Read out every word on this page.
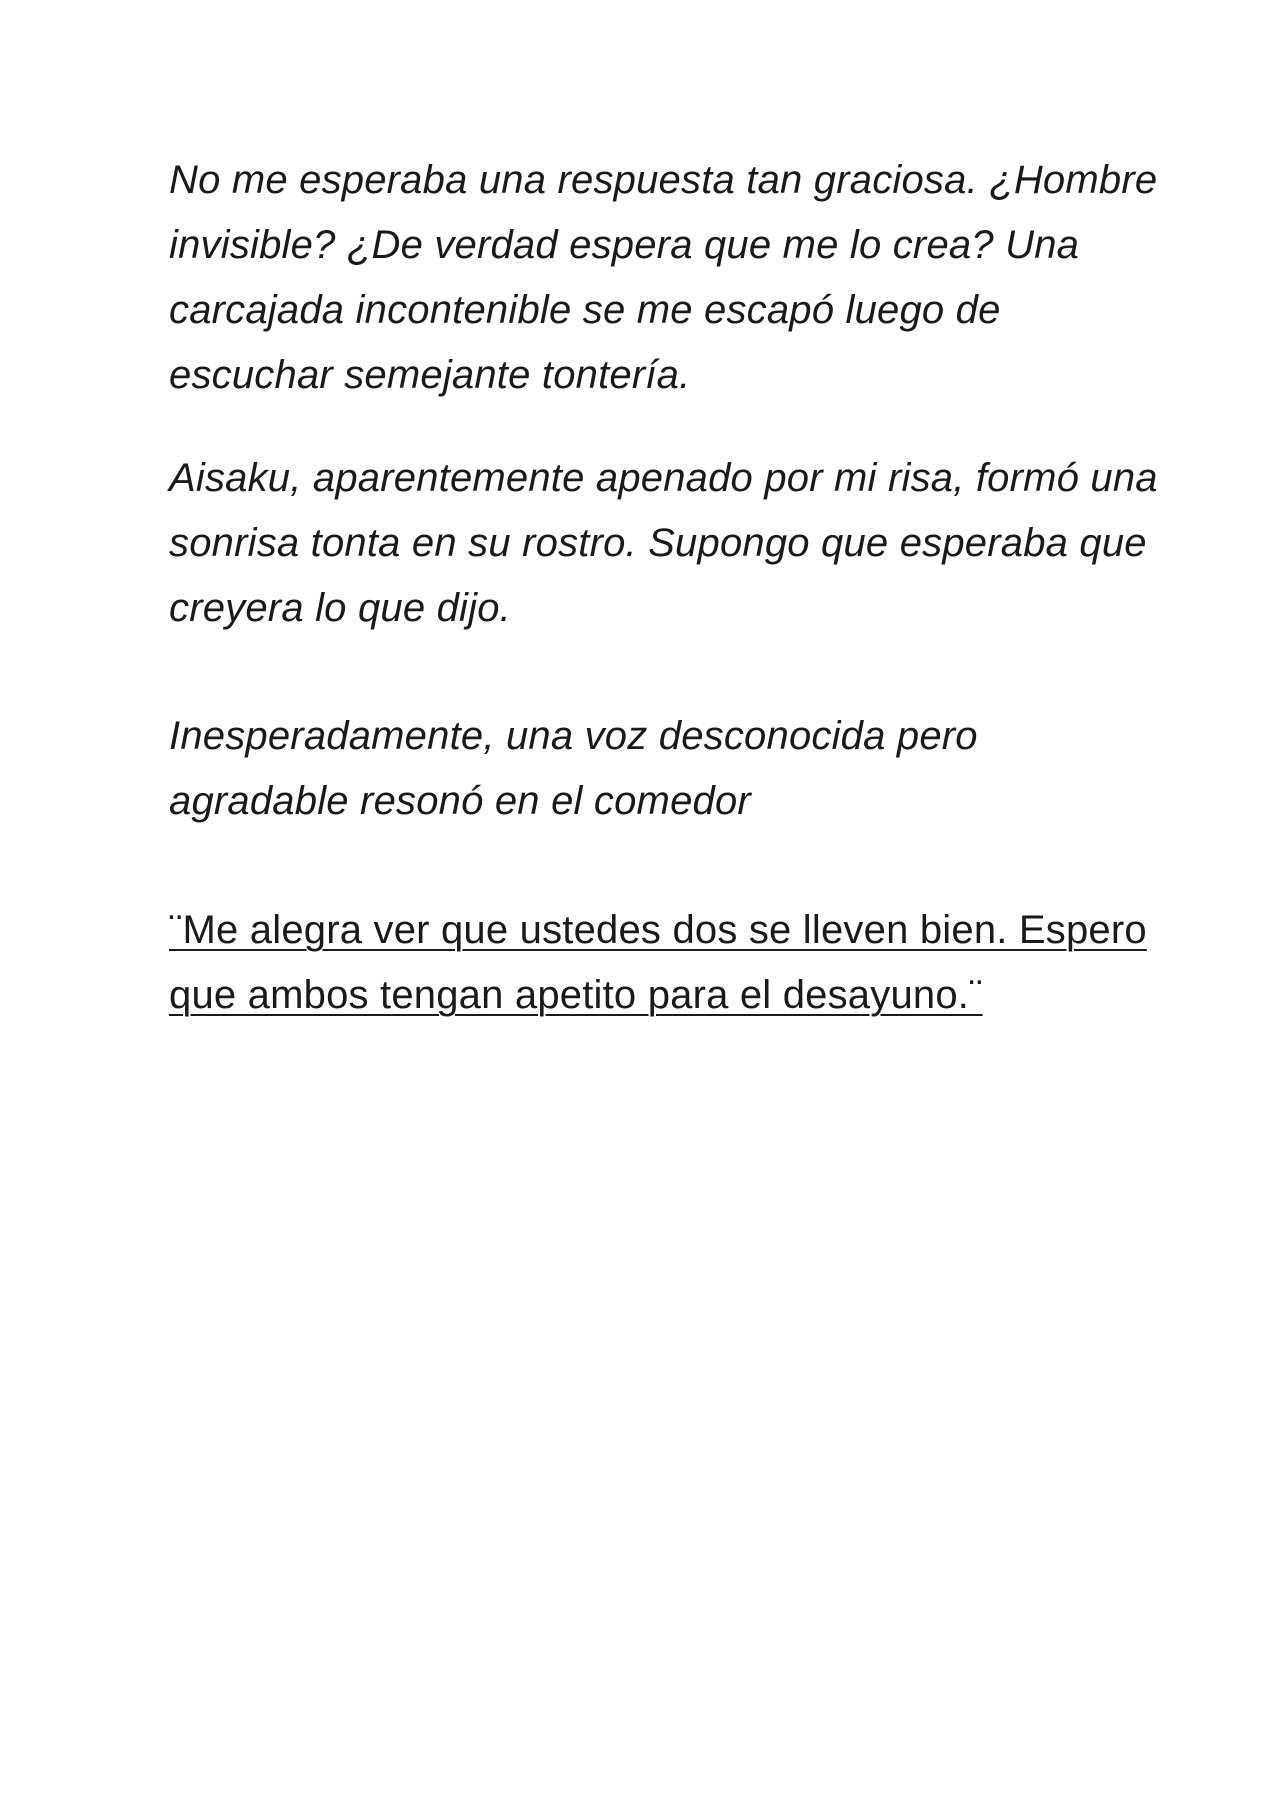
No me esperaba una respuesta tan graciosa. ¿Hombre invisible? ¿De verdad espera que me lo crea? Una carcajada incontenible se me escapó luego de escuchar semejante tontería.

Aisaku, aparentemente apenado por mi risa, formó una sonrisa tonta en su rostro. Supongo que esperaba que creyera lo que dijo.

Inesperadamente, una voz desconocida pero agradable resonó en el comedor

¨Me alegra ver que ustedes dos se lleven bien. Espero que ambos tengan apetito para el desayuno.¨
